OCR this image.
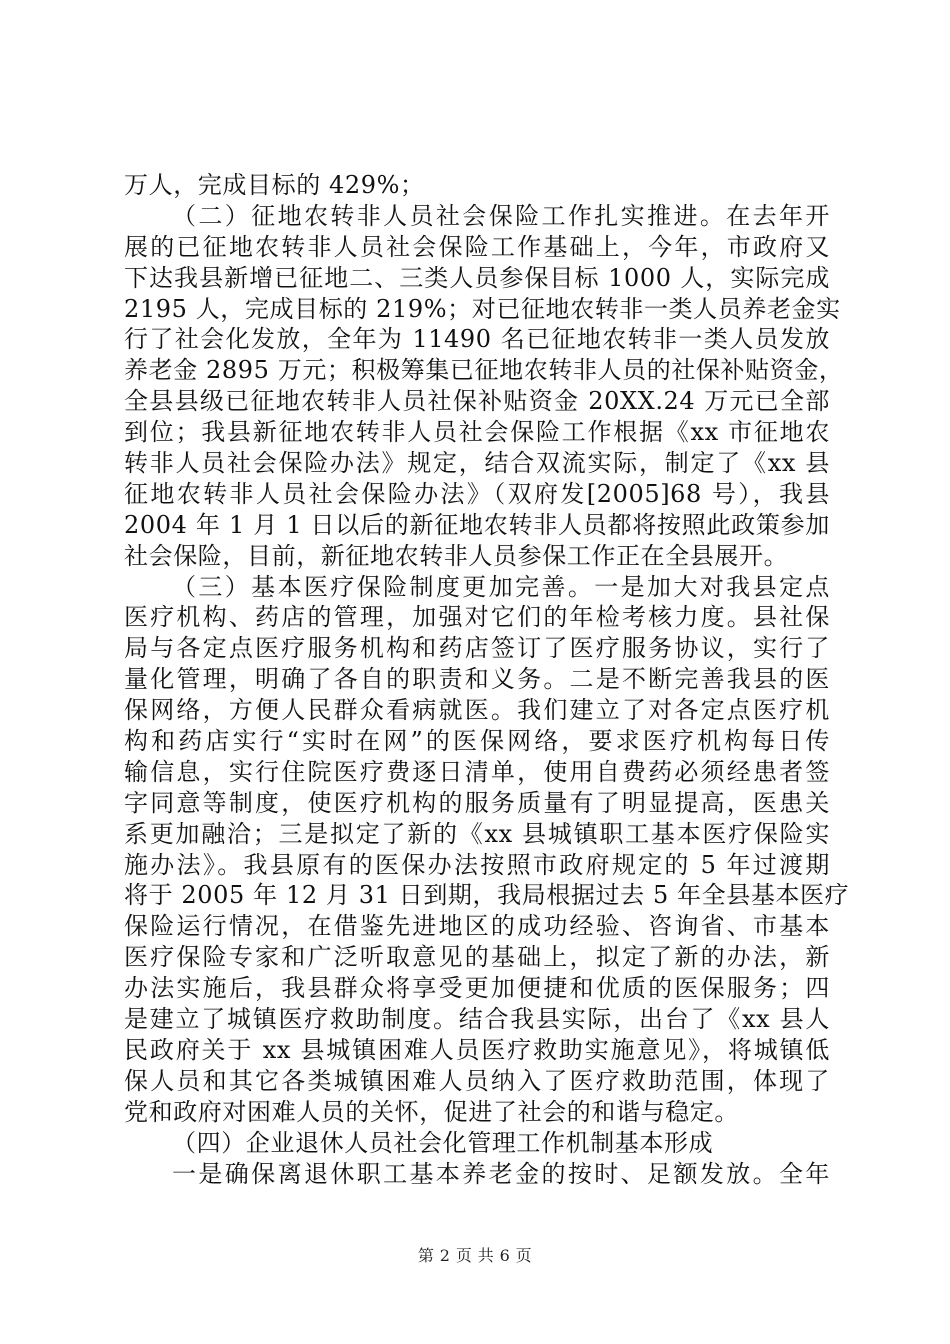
万人，完成目标的 429%；
（二）征地农转非人员社会保险工作扎实推进。在去年开
展的已征地农转非人员社会保险工作基础上，今年，市政府又
下达我县新增已征地二、三类人员参保目标 1000 人，实际完成
2195 人，完成目标的 219%；对已征地农转非一类人员养老金实
行了社会化发放，全年为 11490 名已征地农转非一类人员发放
养老金 2895 万元；积极筹集已征地农转非人员的社保补贴资金，
全县县级已征地农转非人员社保补贴资金 20XX.24 万元已全部
到位；我县新征地农转非人员社会保险工作根据《xx 市征地农
转非人员社会保险办法》规定，结合双流实际，制定了《xx 县
征地农转非人员社会保险办法》（双府发[2005]68 号），我县
2004 年 1 月 1 日以后的新征地农转非人员都将按照此政策参加
社会保险，目前，新征地农转非人员参保工作正在全县展开。
（三）基本医疗保险制度更加完善。一是加大对我县定点
医疗机构、药店的管理，加强对它们的年检考核力度。县社保
局与各定点医疗服务机构和药店签订了医疗服务协议，实行了
量化管理，明确了各自的职责和义务。二是不断完善我县的医
保网络，方便人民群众看病就医。我们建立了对各定点医疗机
构和药店实行“实时在网”的医保网络，要求医疗机构每日传
输信息，实行住院医疗费逐日清单，使用自费药必须经患者签
字同意等制度，使医疗机构的服务质量有了明显提高，医患关
系更加融洽；三是拟定了新的《xx 县城镇职工基本医疗保险实
施办法》。我县原有的医保办法按照市政府规定的 5 年过渡期
将于 2005 年 12 月 31 日到期，我局根据过去 5 年全县基本医疗
保险运行情况，在借鉴先进地区的成功经验、咨询省、市基本
医疗保险专家和广泛听取意见的基础上，拟定了新的办法，新
办法实施后，我县群众将享受更加便捷和优质的医保服务；四
是建立了城镇医疗救助制度。结合我县实际，出台了《xx 县人
民政府关于 xx 县城镇困难人员医疗救助实施意见》，将城镇低
保人员和其它各类城镇困难人员纳入了医疗救助范围，体现了
党和政府对困难人员的关怀，促进了社会的和谐与稳定。
（四）企业退休人员社会化管理工作机制基本形成
一是确保离退休职工基本养老金的按时、足额发放。全年
第 2 页 共 6 页
